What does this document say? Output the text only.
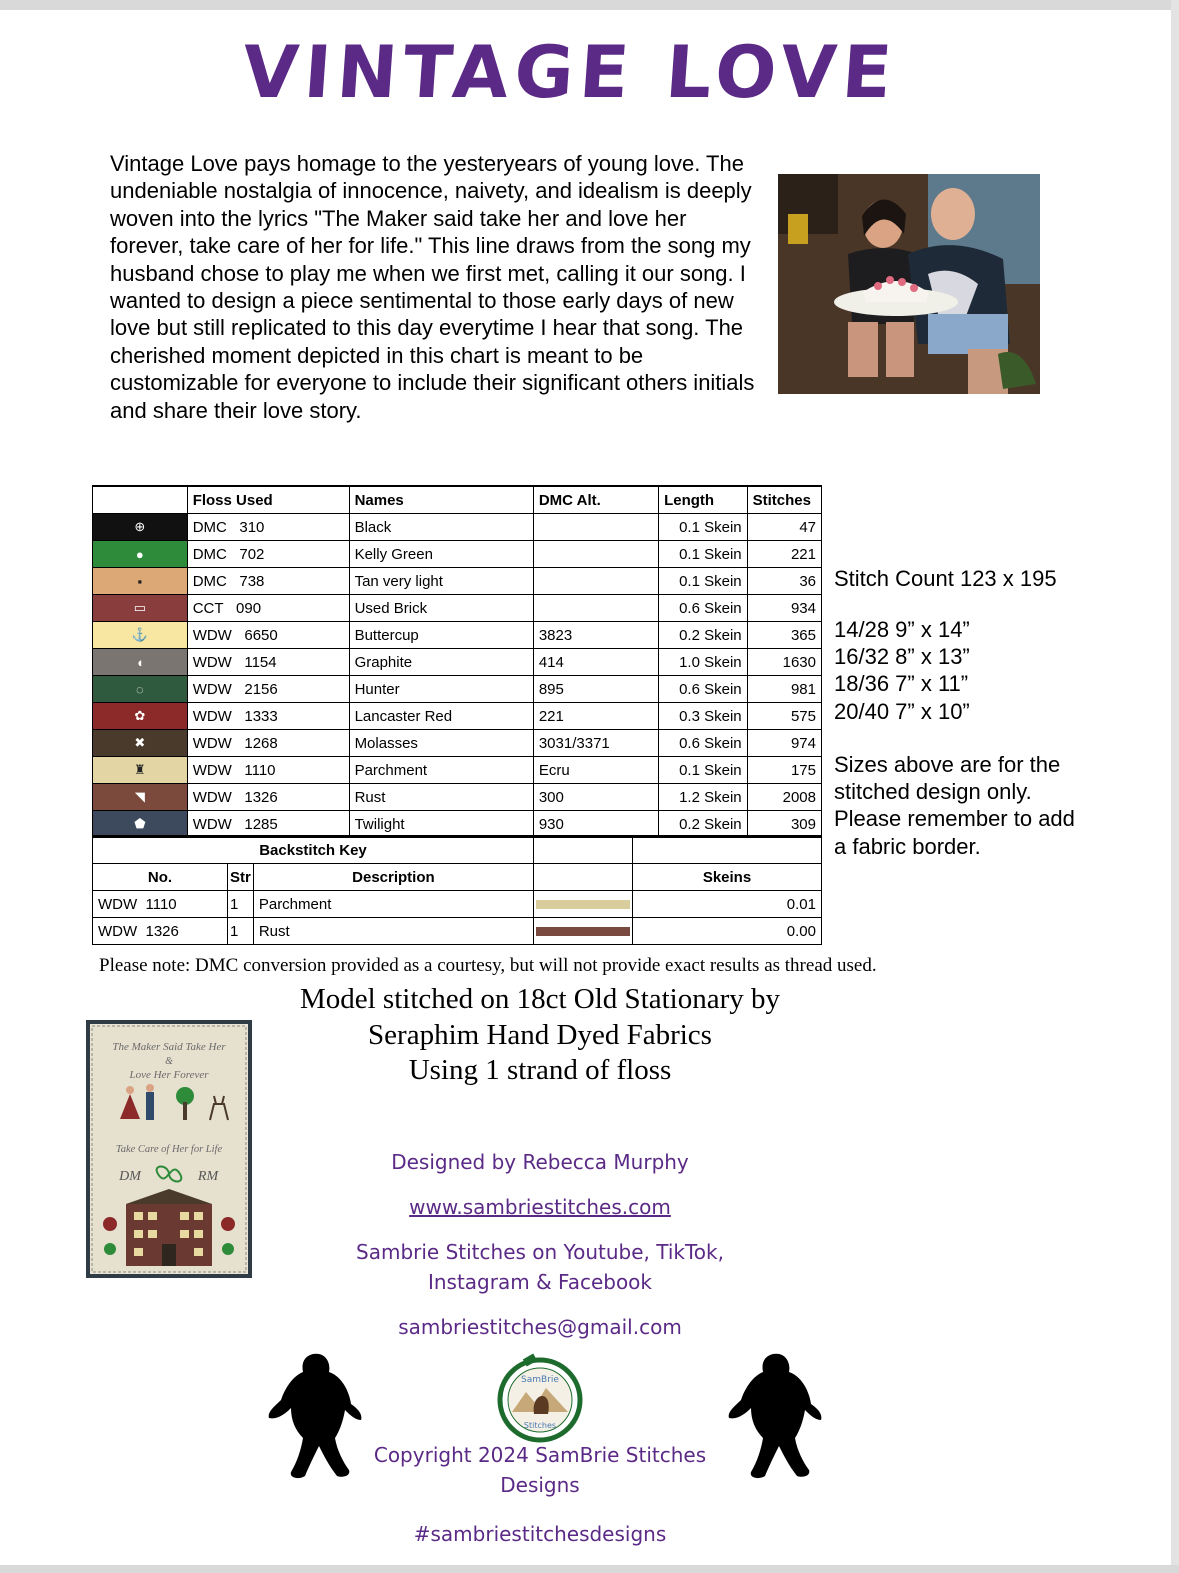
VINTAGE LOVE
Vintage Love pays homage to the yesteryears of young love. The undeniable nostalgia of innocence, naivety, and idealism is deeply woven into the lyrics "The Maker said take her and love her forever, take care of her for life." This line draws from the song my husband chose to play me when we first met, calling it our song. I wanted to design a piece sentimental to those early days of new love but still replicated to this day everytime I hear that song. The cherished moment depicted in this chart is meant to be customizable for everyone to include their significant others initials and share their love story.
	Floss Used	Names	DMC Alt.	Length	Stitches
⊕	DMC 310	Black		0.1 Skein	47
●	DMC 702	Kelly Green		0.1 Skein	221
▪	DMC 738	Tan very light		0.1 Skein	36
▭	CCT 090	Used Brick		0.6 Skein	934
⚓	WDW 6650	Buttercup	3823	0.2 Skein	365
◖	WDW 1154	Graphite	414	1.0 Skein	1630
◌	WDW 2156	Hunter	895	0.6 Skein	981
✿	WDW 1333	Lancaster Red	221	0.3 Skein	575
✖	WDW 1268	Molasses	3031/3371	0.6 Skein	974
♜	WDW 1110	Parchment	Ecru	0.1 Skein	175
◥	WDW 1326	Rust	300	1.2 Skein	2008
⬟	WDW 1285	Twilight	930	0.2 Skein	309
Backstitch Key				
No.	Str	Description		Skeins
WDW 1110	1	Parchment		0.01
WDW 1326	1	Rust		0.00
Stitch Count 123 x 195
14/28 9” x 14”
16/32 8” x 13”
18/36 7” x 11”
20/40 7” x 10”
Sizes above are for the
stitched design only.
Please remember to add
a fabric border.
Please note: DMC conversion provided as a courtesy, but will not provide exact results as thread used.
Model stitched on 18ct Old Stationary by
Seraphim Hand Dyed Fabrics
Using 1 strand of floss
The Maker Said Take Her
&
Love Her Forever
Take Care of Her for Life
DM	RM
Designed by Rebecca Murphy
www.sambriestitches.com
Sambrie Stitches on Youtube, TikTok,
Instagram & Facebook
sambriestitches@gmail.com
SamBrie
Stitches
Copyright 2024 SamBrie Stitches
Designs
#sambriestitchesdesigns
